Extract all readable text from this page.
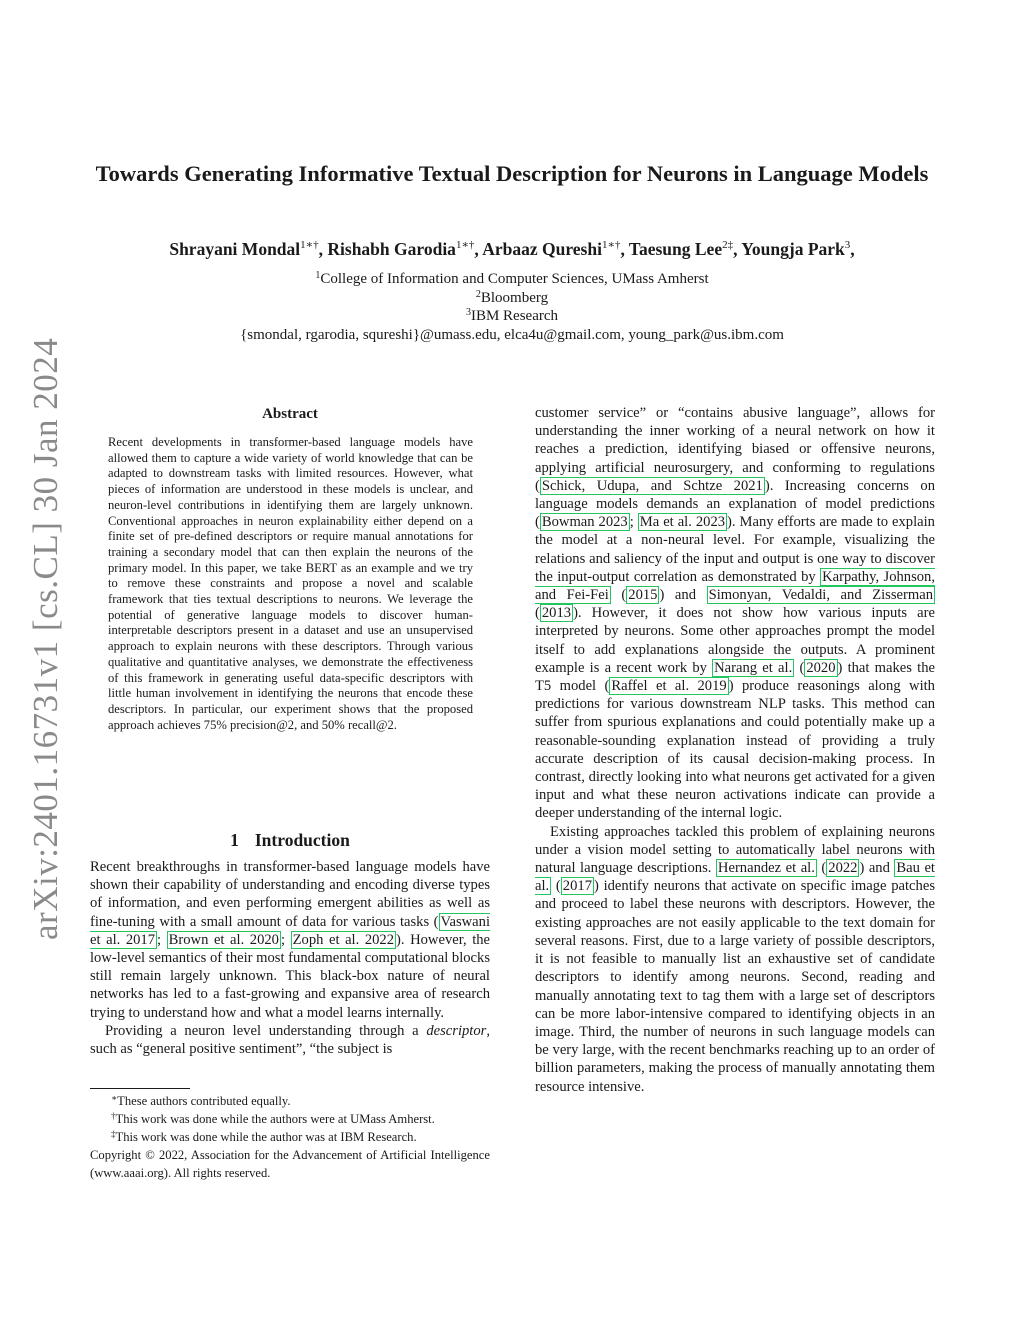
arXiv:2401.16731v1 [cs.CL] 30 Jan 2024
Towards Generating Informative Textual Description for Neurons in Language Models
Shrayani Mondal$^{1∗\dagger}$, Rishabh Garodia$^{1∗\dagger}$, Arbaaz Qureshi$^{1∗\dagger}$, Taesung Lee$^{2\ddagger}$, Youngja Park$^3$,
$^1$College of Information and Computer Sciences, UMass Amherst
$^2$Bloomberg
$^3$IBM Research
{smondal, rgarodia, squreshi}@umass.edu, elca4u@gmail.com, young_park@us.ibm.com
Abstract

Recent developments in transformer-based language models have allowed them to capture a wide variety of world knowledge that can be adapted to downstream tasks with limited resources. However, what pieces of information are understood in these models is unclear, and neuron-level contributions in identifying them are largely unknown. Conventional approaches in neuron explainability either depend on a finite set of pre-defined descriptors or require manual annotations for training a secondary model that can then explain the neurons of the primary model. In this paper, we take BERT as an example and we try to remove these constraints and propose a novel and scalable framework that ties textual descriptions to neurons. We leverage the potential of generative language models to discover human-interpretable descriptors present in a dataset and use an unsupervised approach to explain neurons with these descriptors. Through various qualitative and quantitative analyses, we demonstrate the effectiveness of this framework in generating useful data-specific descriptors with little human involvement in identifying the neurons that encode these descriptors. In particular, our experiment shows that the proposed approach achieves 75% precision@2, and 50% recall@2.

1 Introduction

Recent breakthroughs in transformer-based language models have shown their capability of understanding and encoding diverse types of information, and even performing emergent abilities as well as fine-tuning with a small amount of data for various tasks ( Vaswani et al. 2017 ; Brown et al. 2020 ; Zoph et al. 2022 ). However, the low-level semantics of their most fundamental computational blocks still remain largely unknown. This black-box nature of neural networks has led to a fast-growing and expansive area of research trying to understand how and what a model learns internally.

Providing a neuron level understanding through a descriptor, such as “general positive sentiment”, “the subject is

∗These authors contributed equally.
†This work was done while the authors were at UMass Amherst.
‡This work was done while the author was at IBM Research.
Copyright © 2022, Association for the Advancement of Artificial Intelligence (www.aaai.org). All rights reserved.

customer service” or “contains abusive language”, allows for understanding the inner working of a neural network on how it reaches a prediction, identifying biased or offensive neurons, applying artificial neurosurgery, and conforming to regulations ( Schick, Udupa, and Schtze 2021 ). Increasing concerns on language models demands an explanation of model predictions ( Bowman 2023 ; Ma et al. 2023 ). Many efforts are made to explain the model at a non-neural level. For example, visualizing the relations and saliency of the input and output is one way to discover the input-output correlation as demonstrated by Karpathy, Johnson, and Fei-Fei ( 2015 ) and Simonyan, Vedaldi, and Zisserman ( 2013 ). However, it does not show how various inputs are interpreted by neurons. Some other approaches prompt the model itself to add explanations alongside the outputs. A prominent example is a recent work by Narang et al. ( 2020 ) that makes the T5 model ( Raffel et al. 2019 ) produce reasonings along with predictions for various downstream NLP tasks. This method can suffer from spurious explanations and could potentially make up a reasonable-sounding explanation instead of providing a truly accurate description of its causal decision-making process. In contrast, directly looking into what neurons get activated for a given input and what these neuron activations indicate can provide a deeper understanding of the internal logic.

Existing approaches tackled this problem of explaining neurons under a vision model setting to automatically label neurons with natural language descriptions. Hernandez et al. ( 2022 ) and Bau et al. ( 2017 ) identify neurons that activate on specific image patches and proceed to label these neurons with descriptors. However, the existing approaches are not easily applicable to the text domain for several reasons. First, due to a large variety of possible descriptors, it is not feasible to manually list an exhaustive set of candidate descriptors to identify among neurons. Second, reading and manually annotating text to tag them with a large set of descriptors can be more labor-intensive compared to identifying objects in an image. Third, the number of neurons in such language models can be very large, with the recent benchmarks reaching up to an order of billion parameters, making the process of manually annotating them resource intensive.
